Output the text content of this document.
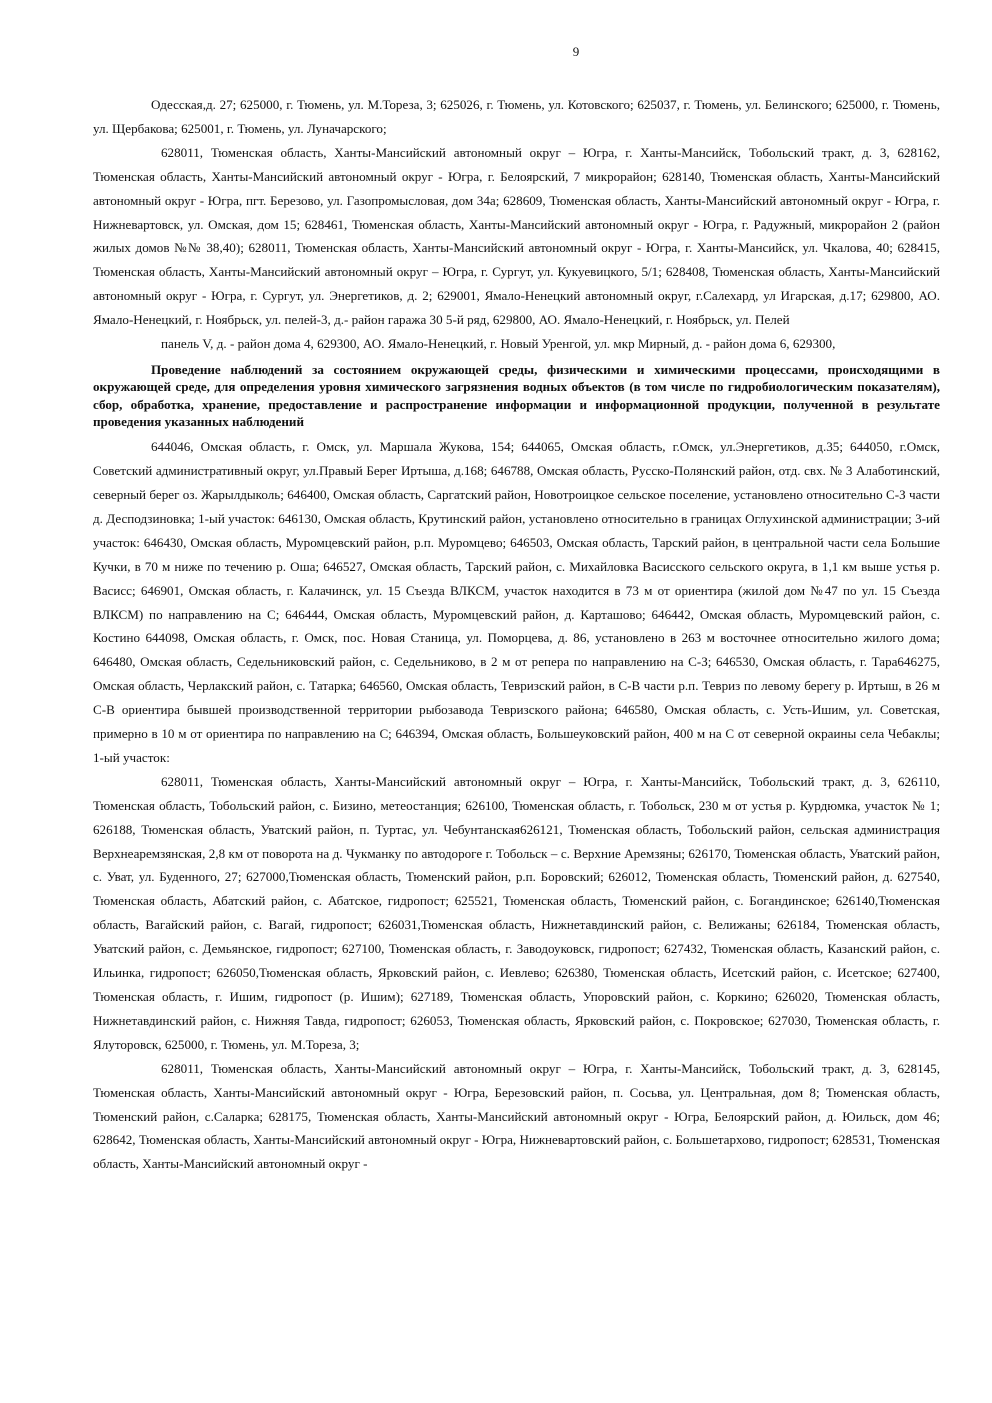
9

Одесская,д. 27; 625000, г. Тюмень, ул. М.Тореза, 3; 625026, г. Тюмень, ул. Котовского; 625037, г. Тюмень, ул. Белинского; 625000, г. Тюмень, ул. Щербакова; 625001, г. Тюмень, ул. Луначарского;

628011, Тюменская область, Ханты-Мансийский автономный округ – Югра, г. Ханты-Мансийск, Тобольский тракт, д. 3, 628162, Тюменская область, Ханты-Мансийский автономный округ - Югра, г. Белоярский, 7 микрорайон; 628140, Тюменская область, Ханты-Мансийский автономный округ - Югра, пгт. Березово, ул. Газопромысловая, дом 34а; 628609, Тюменская область, Ханты-Мансийский автономный округ - Югра, г. Нижневартовск, ул. Омская, дом 15; 628461, Тюменская область, Ханты-Мансийский автономный округ - Югра, г. Радужный, микрорайон 2 (район жилых домов №№ 38,40); 628011, Тюменская область, Ханты-Мансийский автономный округ - Югра, г. Ханты-Мансийск, ул. Чкалова, 40; 628415, Тюменская область, Ханты-Мансийский автономный округ – Югра, г. Сургут, ул. Кукуевицкого, 5/1; 628408, Тюменская область, Ханты-Мансийский автономный округ - Югра, г. Сургут, ул. Энергетиков, д. 2; 629001, Ямало-Ненецкий автономный округ, г.Салехард, ул Игарская, д.17; 629800, АО. Ямало-Ненецкий, г. Ноябрьск, ул. пелей-3, д.- район гаража 30 5-й ряд, 629800, АО. Ямало-Ненецкий, г. Ноябрьск, ул. Пелей

панель V, д. - район дома 4, 629300, АО. Ямало-Ненецкий, г. Новый Уренгой, ул. мкр Мирный, д. - район дома 6, 629300,

Проведение наблюдений за состоянием окружающей среды, физическими и химическими процессами, происходящими в окружающей среде, для определения уровня химического загрязнения водных объектов (в том числе по гидробиологическим показателям), сбор, обработка, хранение, предоставление и распространение информации и информационной продукции, полученной в результате проведения указанных наблюдений

644046, Омская область, г. Омск, ул. Маршала Жукова, 154; 644065, Омская область, г.Омск, ул.Энергетиков, д.35; 644050, г.Омск, Советский административный округ, ул.Правый Берег Иртыша, д.168; 646788, Омская область, Русско-Полянский район, отд. свх. № 3 Алаботинский, северный берег оз. Жарылдыколь; 646400, Омская область, Саргатский район, Новотроицкое сельское поселение, установлено относительно С-З части д. Десподзиновка; 1-ый участок: 646130, Омская область, Крутинский район, установлено относительно в границах Оглухинской администрации; 3-ий участок: 646430, Омская область, Муромцевский район, р.п. Муромцево; 646503, Омская область, Тарский район, в центральной части села Большие Кучки, в 70 м ниже по течению р. Оша; 646527, Омская область, Тарский район, с. Михайловка Васисского сельского округа, в 1,1 км выше устья р. Васисс; 646901, Омская область, г. Калачинск, ул. 15 Съезда ВЛКСМ, участок находится в 73 м от ориентира (жилой дом №47 по ул. 15 Съезда ВЛКСМ) по направлению на С; 646444, Омская область, Муромцевский район, д. Карташово; 646442, Омская область, Муромцевский район, с. Костино 644098, Омская область, г. Омск, пос. Новая Станица, ул. Поморцева, д. 86, установлено в 263 м восточнее относительно жилого дома; 646480, Омская область, Седельниковский район, с. Седельниково, в 2 м от репера по направлению на С-З; 646530, Омская область, г. Тара646275, Омская область, Черлакский район, с. Татарка; 646560, Омская область, Тевризский район, в С-В части р.п. Тевриз по левому берегу р. Иртыш, в 26 м С-В ориентира бывшей производственной территории рыбозавода Тевризского района; 646580, Омская область, с. Усть-Ишим, ул. Советская, примерно в 10 м от ориентира по направлению на С; 646394, Омская область, Большеуковский район, 400 м на С от северной окраины села Чебаклы; 1-ый участок:

628011, Тюменская область, Ханты-Мансийский автономный округ – Югра, г. Ханты-Мансийск, Тобольский тракт, д. 3, 626110, Тюменская область, Тобольский район, с. Бизино, метеостанция; 626100, Тюменская область, г. Тобольск, 230 м от устья р. Курдюмка, участок № 1; 626188, Тюменская область, Уватский район, п. Туртас, ул. Чебунтанская626121, Тюменская область, Тобольский район, сельская администрация Верхнеаремзянская, 2,8 км от поворота на д. Чукманку по автодороге г. Тобольск – с. Верхние Аремзяны; 626170, Тюменская область, Уватский район, с. Уват, ул. Буденного, 27; 627000,Тюменская область, Тюменский район, р.п. Боровский; 626012, Тюменская область, Тюменский район, д. 627540, Тюменская область, Абатский район, с. Абатское, гидропост; 625521, Тюменская область, Тюменский район, с. Богандинское; 626140,Тюменская область, Вагайский район, с. Вагай, гидропост; 626031,Тюменская область, Нижнетавдинский район, с. Велижаны; 626184, Тюменская область, Уватский район, с. Демьянское, гидропост; 627100, Тюменская область, г. Заводоуковск, гидропост; 627432, Тюменская область, Казанский район, с. Ильинка, гидропост; 626050,Тюменская область, Ярковский район, с. Иевлево; 626380, Тюменская область, Исетский район, с. Исетское; 627400, Тюменская область, г. Ишим, гидропост (р. Ишим); 627189, Тюменская область, Упоровский район, с. Коркино; 626020, Тюменская область, Нижнетавдинский район, с. Нижняя Тавда, гидропост; 626053, Тюменская область, Ярковский район, с. Покровское; 627030, Тюменская область, г. Ялуторовск, 625000, г. Тюмень, ул. М.Тореза, 3;

628011, Тюменская область, Ханты-Мансийский автономный округ – Югра, г. Ханты-Мансийск, Тобольский тракт, д. 3, 628145, Тюменская область, Ханты-Мансийский автономный округ - Югра, Березовский район, п. Сосьва, ул. Центральная, дом 8; Тюменская область, Тюменский район, с.Саларка; 628175, Тюменская область, Ханты-Мансийский автономный округ - Югра, Белоярский район, д. Юильск, дом 46; 628642, Тюменская область, Ханты-Мансийский автономный округ - Югра, Нижневартовский район, с. Большетархово, гидропост; 628531, Тюменская область, Ханты-Мансийский автономный округ -
